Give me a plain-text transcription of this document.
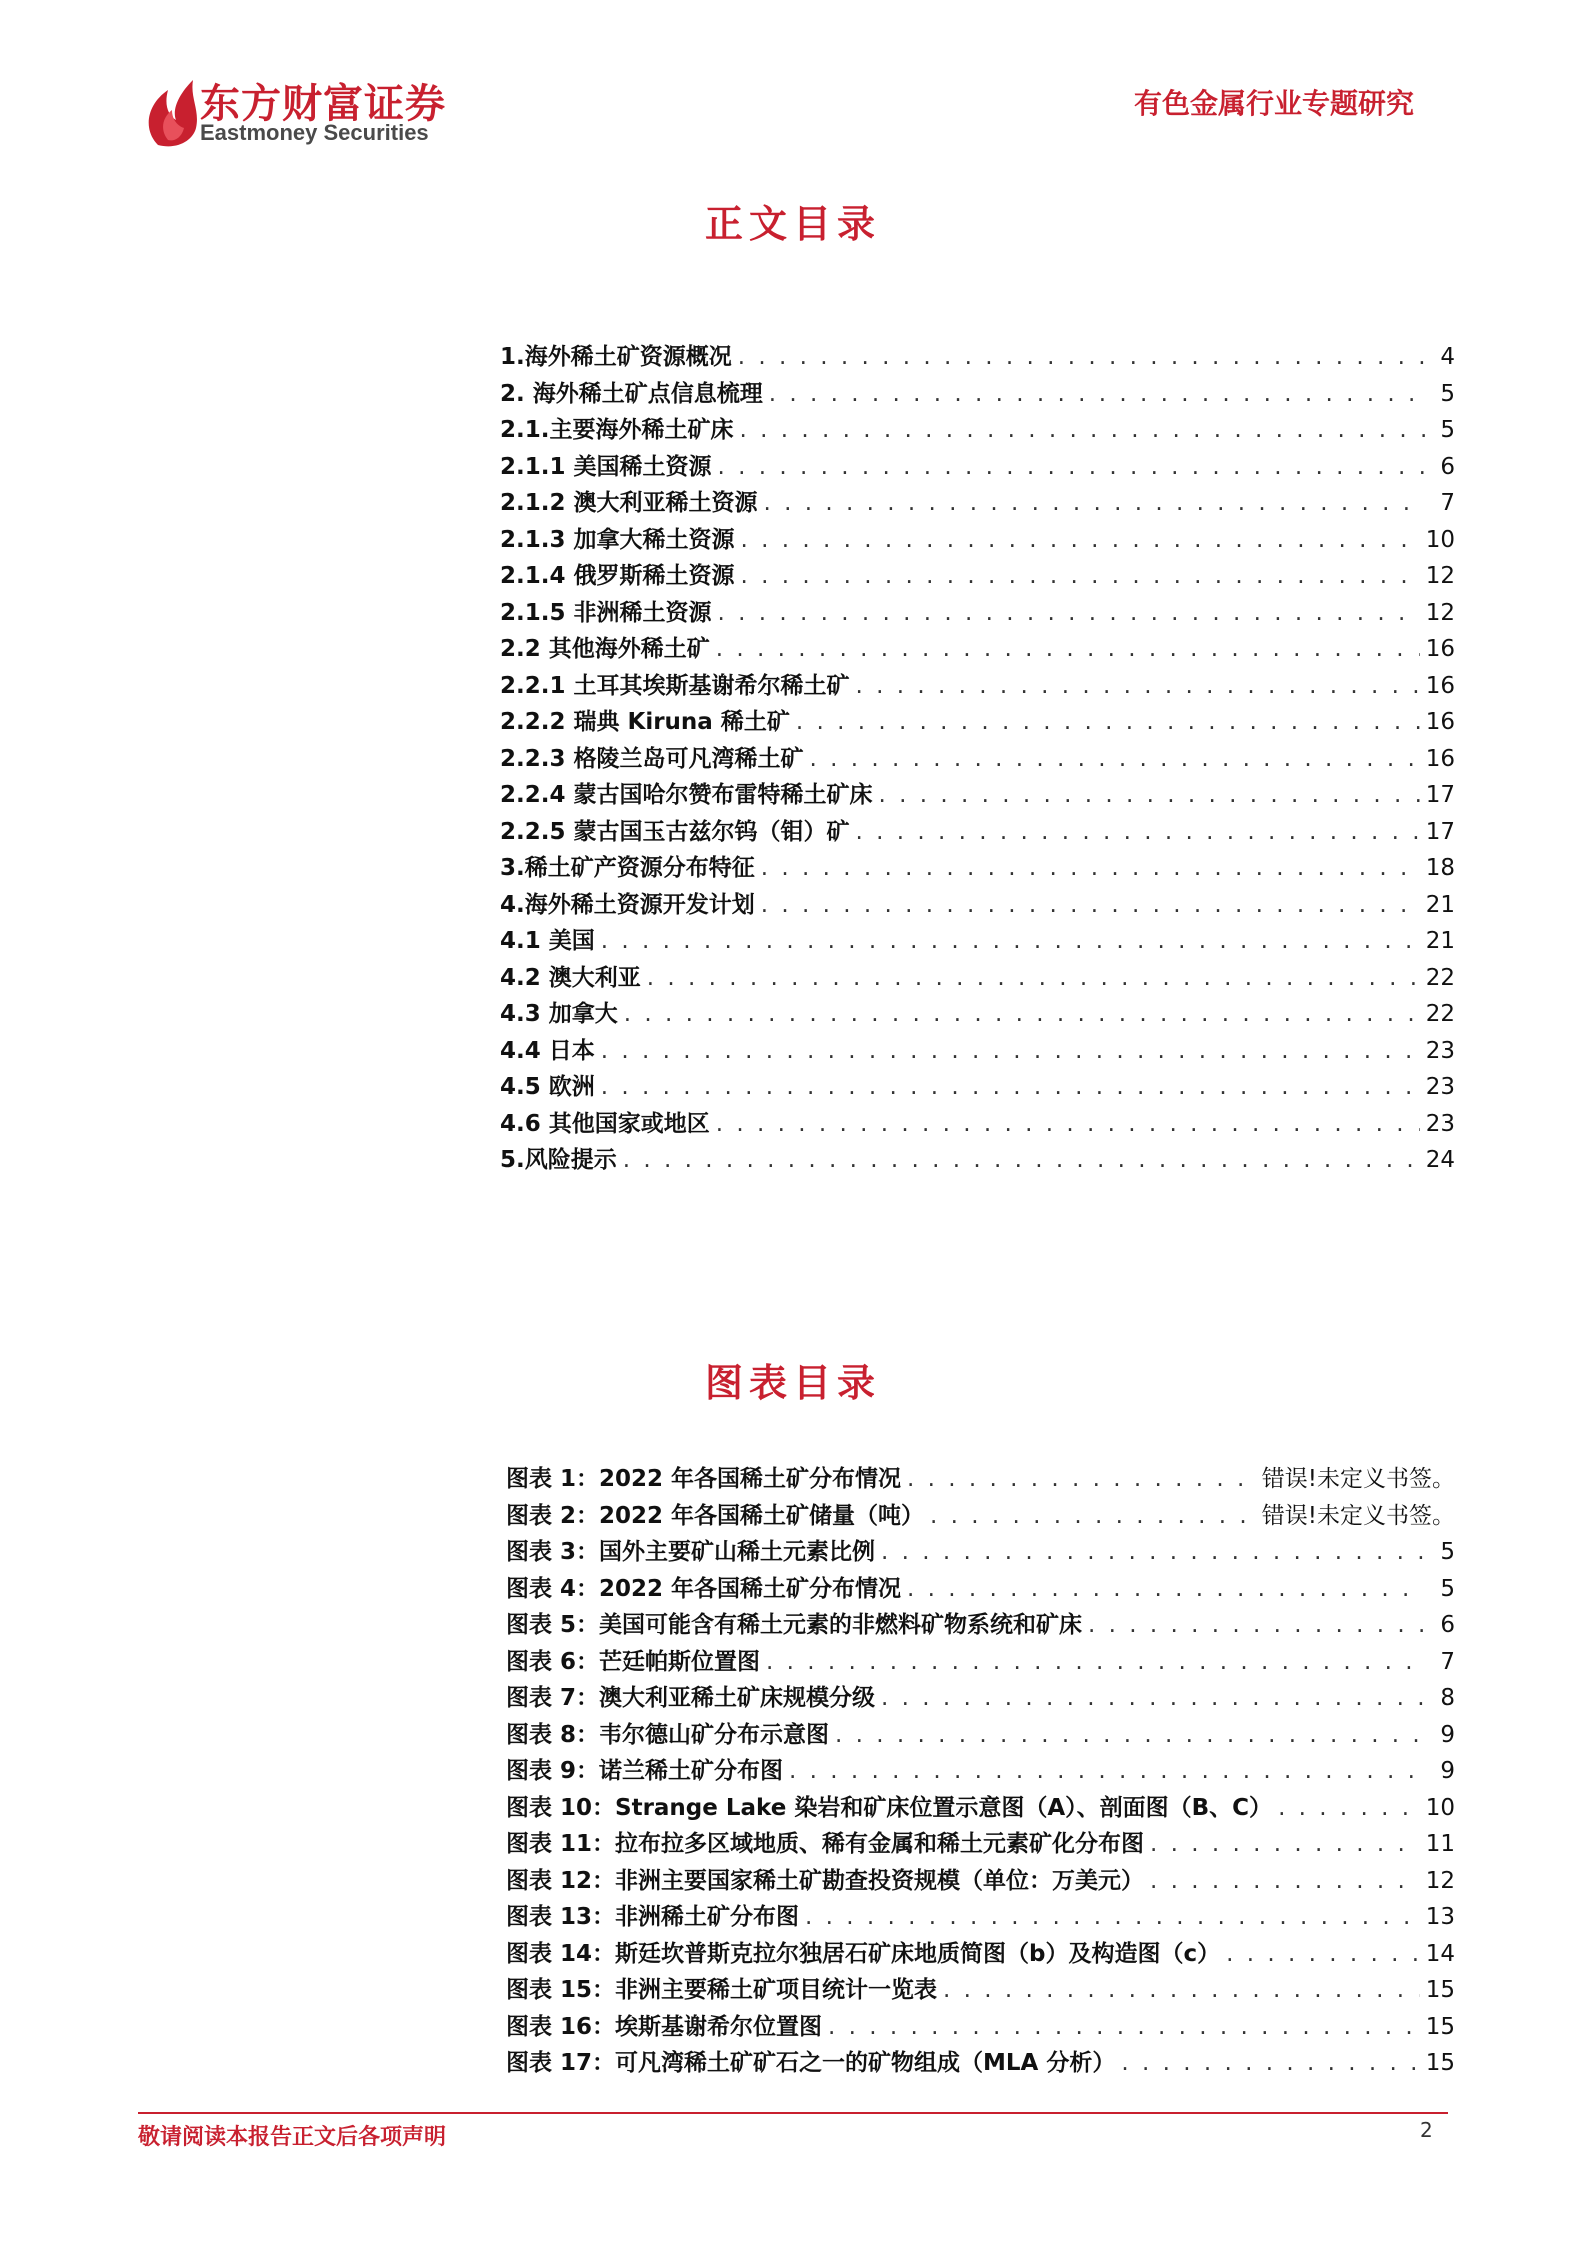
东方财富证券
Eastmoney Securities
有色金属行业专题研究
正文目录
1.海外稀土矿资源概况 . . .	4
2. 海外稀土矿点信息梳理 . . .	5
2.1.主要海外稀土矿床 . . .	5
2.1.1 美国稀土资源 . . .	6
2.1.2 澳大利亚稀土资源 . . .	7
2.1.3 加拿大稀土资源 . . .	10
2.1.4 俄罗斯稀土资源 . . .	12
2.1.5 非洲稀土资源 . . .	12
2.2 其他海外稀土矿 . . .	16
2.2.1 土耳其埃斯基谢希尔稀土矿 . . .	16
2.2.2 瑞典 Kiruna 稀土矿 . . .	16
2.2.3 格陵兰岛可凡湾稀土矿 . . .	16
2.2.4 蒙古国哈尔赞布雷特稀土矿床 . . .	17
2.2.5 蒙古国玉古兹尔钨（钼）矿 . . .	17
3.稀土矿产资源分布特征 . . .	18
4.海外稀土资源开发计划 . . .	21
4.1 美国 . . .	21
4.2 澳大利亚 . . .	22
4.3 加拿大 . . .	22
4.4 日本 . . .	23
4.5 欧洲 . . .	23
4.6 其他国家或地区 . . .	23
5.风险提示 . . .	24
图表目录
图表 1：2022 年各国稀土矿分布情况 . . .	错误!未定义书签。
图表 2：2022 年各国稀土矿储量（吨） . . .	错误!未定义书签。
图表 3：国外主要矿山稀土元素比例 . . .	5
图表 4：2022 年各国稀土矿分布情况 . . .	5
图表 5：美国可能含有稀土元素的非燃料矿物系统和矿床 . . .	6
图表 6：芒廷帕斯位置图 . . .	7
图表 7：澳大利亚稀土矿床规模分级 . . .	8
图表 8：韦尔德山矿分布示意图 . . .	9
图表 9：诺兰稀土矿分布图 . . .	9
图表 10：Strange Lake 染岩和矿床位置示意图（A）、剖面图（B、C） . . .	10
图表 11：拉布拉多区域地质、稀有金属和稀土元素矿化分布图 . . .	11
图表 12：非洲主要国家稀土矿勘查投资规模（单位：万美元） . . .	12
图表 13：非洲稀土矿分布图 . . .	13
图表 14：斯廷坎普斯克拉尔独居石矿床地质简图（b）及构造图（c） . . .	14
图表 15：非洲主要稀土矿项目统计一览表 . . .	15
图表 16：埃斯基谢希尔位置图 . . .	15
图表 17：可凡湾稀土矿矿石之一的矿物组成（MLA 分析） . . .	15
敬请阅读本报告正文后各项声明	2
